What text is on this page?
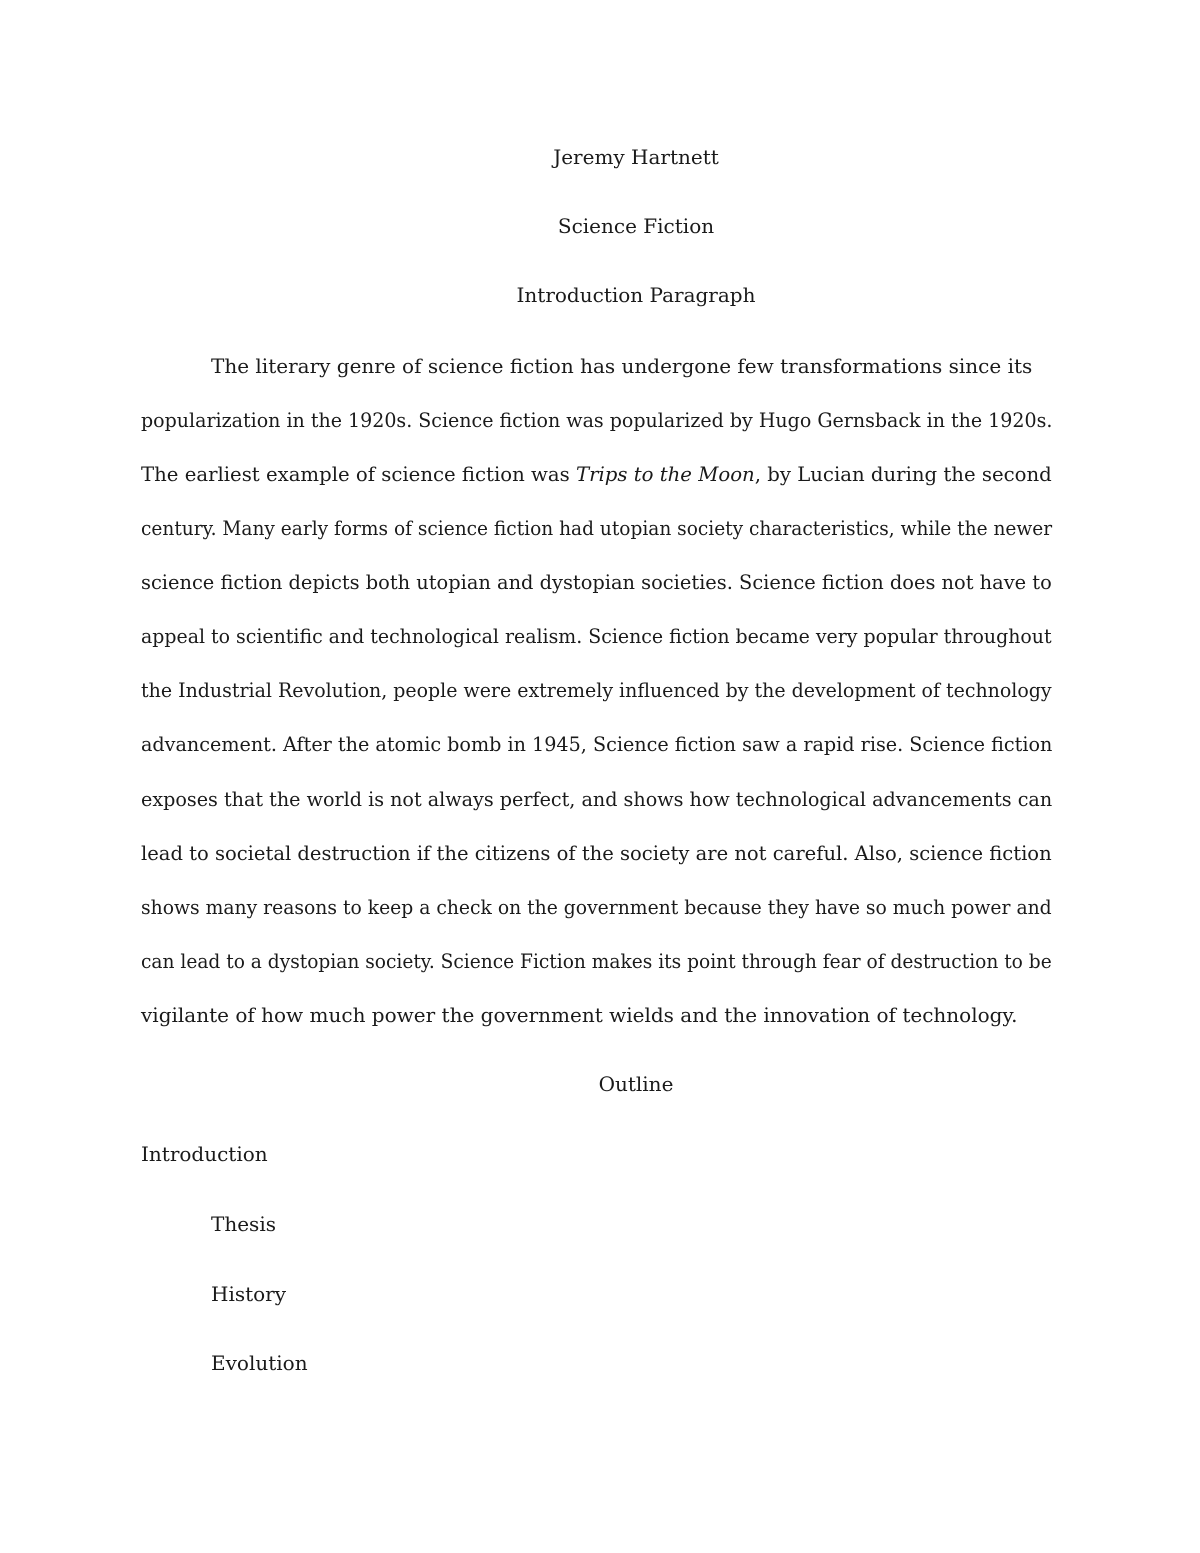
Jeremy Hartnett
Science Fiction
Introduction Paragraph
The literary genre of science fiction has undergone few transformations since its
popularization in the 1920s. Science fiction was popularized by Hugo Gernsback in the 1920s.
The earliest example of science fiction was Trips to the Moon, by Lucian during the second
century. Many early forms of science fiction had utopian society characteristics, while the newer
science fiction depicts both utopian and dystopian societies. Science fiction does not have to
appeal to scientific and technological realism. Science fiction became very popular throughout
the Industrial Revolution, people were extremely influenced by the development of technology
advancement. After the atomic bomb in 1945, Science fiction saw a rapid rise. Science fiction
exposes that the world is not always perfect, and shows how technological advancements can
lead to societal destruction if the citizens of the society are not careful. Also, science fiction
shows many reasons to keep a check on the government because they have so much power and
can lead to a dystopian society. Science Fiction makes its point through fear of destruction to be
vigilante of how much power the government wields and the innovation of technology.
Outline
Introduction
Thesis
History
Evolution
